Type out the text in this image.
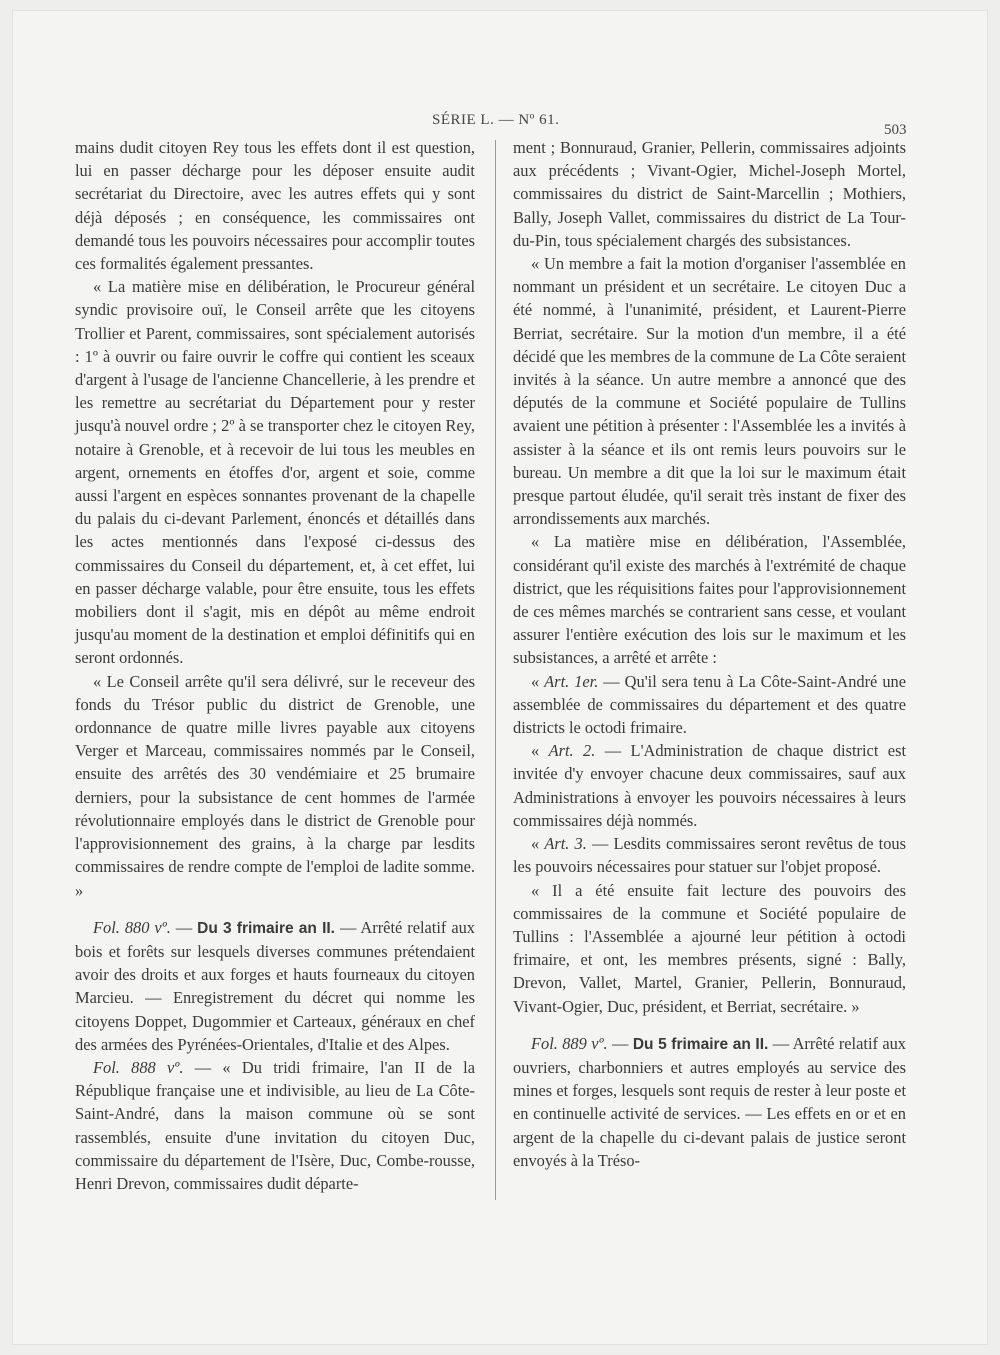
SÉRIE L. — Nº 61.
503

mains dudit citoyen Rey tous les effets dont il est question, lui en passer décharge pour les déposer ensuite audit secrétariat du Directoire, avec les autres effets qui y sont déjà déposés ; en conséquence, les commissaires ont demandé tous les pouvoirs nécessaires pour accomplir toutes ces formalités également pressantes.

« La matière mise en délibération, le Procureur général syndic provisoire ouï, le Conseil arrête que les citoyens Trollier et Parent, commissaires, sont spécialement autorisés : 1º à ouvrir ou faire ouvrir le coffre qui contient les sceaux d'argent à l'usage de l'ancienne Chancellerie, à les prendre et les remettre au secrétariat du Département pour y rester jusqu'à nouvel ordre ; 2º à se transporter chez le citoyen Rey, notaire à Grenoble, et à recevoir de lui tous les meubles en argent, ornements en étoffes d'or, argent et soie, comme aussi l'argent en espèces sonnantes provenant de la chapelle du palais du ci-devant Parlement, énoncés et détaillés dans les actes mentionnés dans l'exposé ci-dessus des commissaires du Conseil du département, et, à cet effet, lui en passer décharge valable, pour être ensuite, tous les effets mobiliers dont il s'agit, mis en dépôt au même endroit jusqu'au moment de la destination et emploi définitifs qui en seront ordonnés.

« Le Conseil arrête qu'il sera délivré, sur le receveur des fonds du Trésor public du district de Grenoble, une ordonnance de quatre mille livres payable aux citoyens Verger et Marceau, commissaires nommés par le Conseil, ensuite des arrêtés des 30 vendémiaire et 25 brumaire derniers, pour la subsistance de cent hommes de l'armée révolutionnaire employés dans le district de Grenoble pour l'approvisionnement des grains, à la charge par lesdits commissaires de rendre compte de l'emploi de ladite somme. »

Fol. 880 vº. — Du 3 frimaire an II. — Arrêté relatif aux bois et forêts sur lesquels diverses communes prétendaient avoir des droits et aux forges et hauts fourneaux du citoyen Marcieu. — Enregistrement du décret qui nomme les citoyens Doppet, Dugommier et Carteaux, généraux en chef des armées des Pyrénées-Orientales, d'Italie et des Alpes.

Fol. 888 vº. — « Du tridi frimaire, l'an II de la République française une et indivisible, au lieu de La Côte-Saint-André, dans la maison commune où se sont rassemblés, ensuite d'une invitation du citoyen Duc, commissaire du département de l'Isère, Duc, Combe-rousse, Henri Drevon, commissaires dudit départe-

ment ; Bonnuraud, Granier, Pellerin, commissaires adjoints aux précédents ; Vivant-Ogier, Michel-Joseph Mortel, commissaires du district de Saint-Marcellin ; Mothiers, Bally, Joseph Vallet, commissaires du district de La Tour-du-Pin, tous spécialement chargés des subsistances.

« Un membre a fait la motion d'organiser l'assemblée en nommant un président et un secrétaire. Le citoyen Duc a été nommé, à l'unanimité, président, et Laurent-Pierre Berriat, secrétaire. Sur la motion d'un membre, il a été décidé que les membres de la commune de La Côte seraient invités à la séance. Un autre membre a annoncé que des députés de la commune et Société populaire de Tullins avaient une pétition à présenter : l'Assemblée les a invités à assister à la séance et ils ont remis leurs pouvoirs sur le bureau. Un membre a dit que la loi sur le maximum était presque partout éludée, qu'il serait très instant de fixer des arrondissements aux marchés.

« La matière mise en délibération, l'Assemblée, considérant qu'il existe des marchés à l'extrémité de chaque district, que les réquisitions faites pour l'approvisionnement de ces mêmes marchés se contrarient sans cesse, et voulant assurer l'entière exécution des lois sur le maximum et les subsistances, a arrêté et arrête :

« Art. 1er. — Qu'il sera tenu à La Côte-Saint-André une assemblée de commissaires du département et des quatre districts le octodi frimaire.

« Art. 2. — L'Administration de chaque district est invitée d'y envoyer chacune deux commissaires, sauf aux Administrations à envoyer les pouvoirs nécessaires à leurs commissaires déjà nommés.

« Art. 3. — Lesdits commissaires seront revêtus de tous les pouvoirs nécessaires pour statuer sur l'objet proposé.

« Il a été ensuite fait lecture des pouvoirs des commissaires de la commune et Société populaire de Tullins : l'Assemblée a ajourné leur pétition à octodi frimaire, et ont, les membres présents, signé : Bally, Drevon, Vallet, Martel, Granier, Pellerin, Bonnuraud, Vivant-Ogier, Duc, président, et Berriat, secrétaire. »

Fol. 889 vº. — Du 5 frimaire an II. — Arrêté relatif aux ouvriers, charbonniers et autres employés au service des mines et forges, lesquels sont requis de rester à leur poste et en continuelle activité de services. — Les effets en or et en argent de la chapelle du ci-devant palais de justice seront envoyés à la Tréso-
